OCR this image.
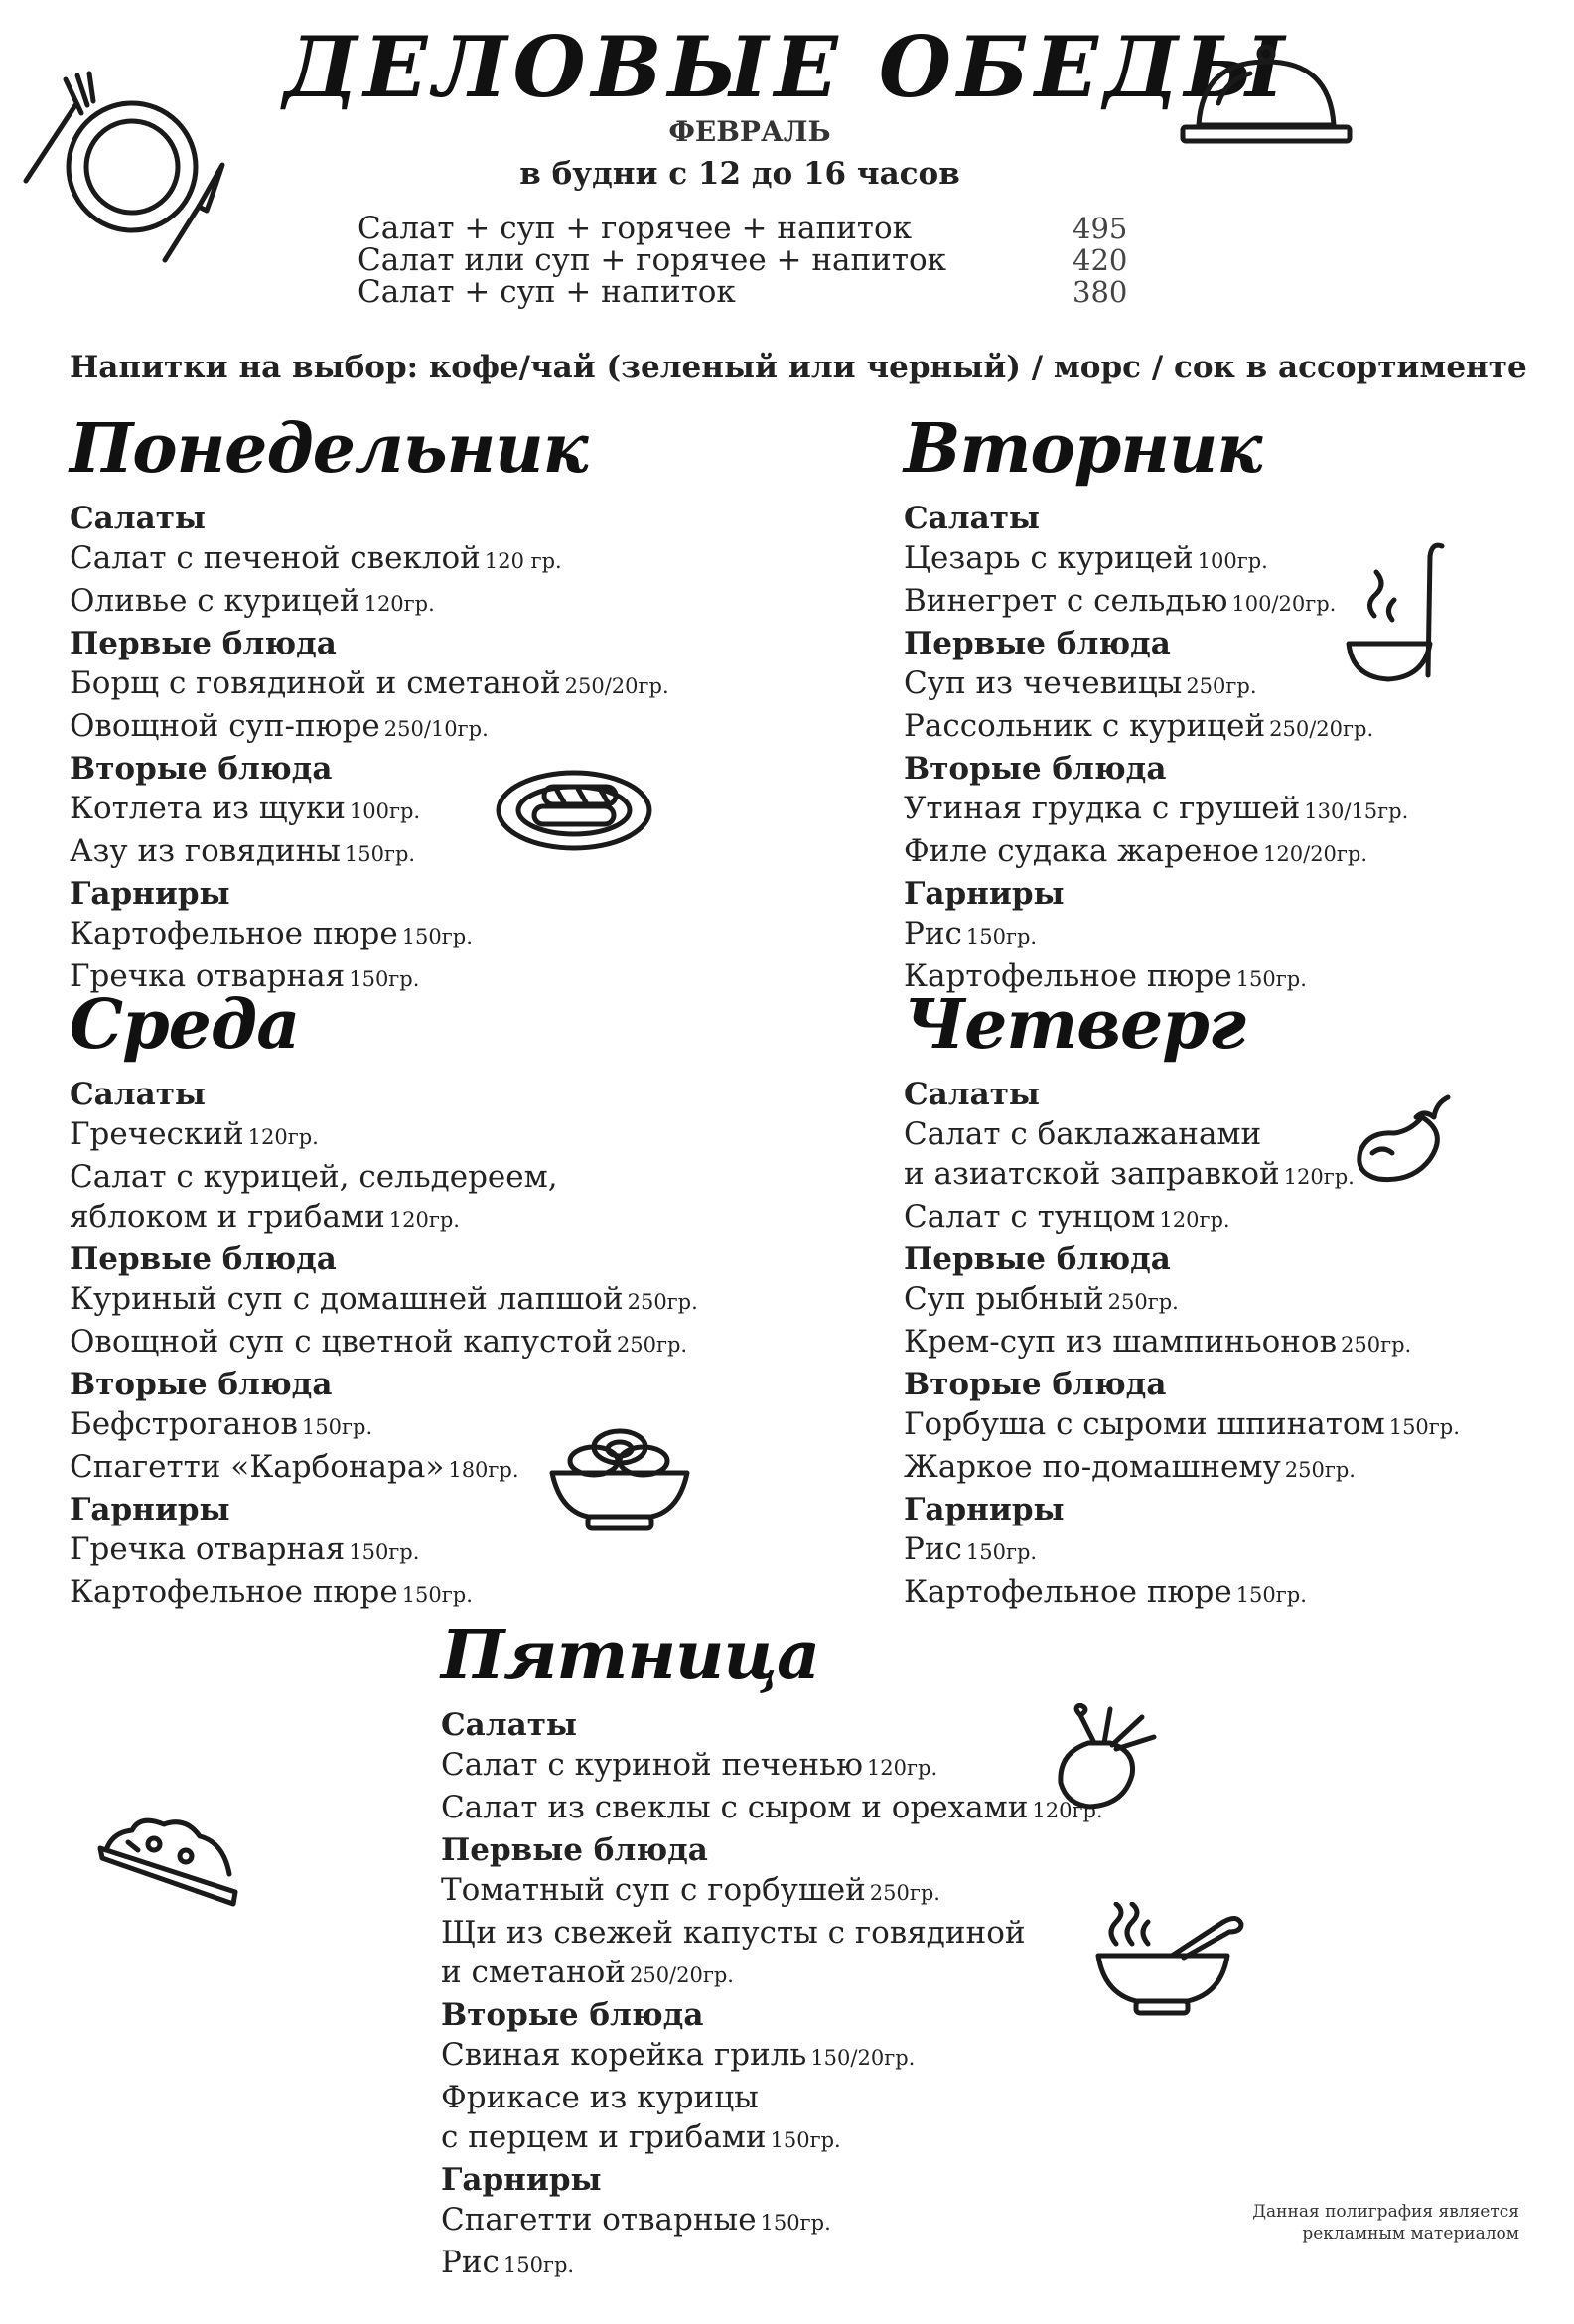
ДЕЛОВЫЕ ОБЕДЫ
ФЕВРАЛЬ
в будни с 12 до 16 часов
Салат + суп + горячее + напиток	495
Салат или суп + горячее + напиток	420
Салат + суп + напиток	380
Напитки на выбор: кофе/чай (зеленый или черный) / морс / сок в ассортименте
Понедельник
Салаты
Салат с печеной свеклой 120 гр.
Оливье с курицей 120гр.
Первые блюда
Борщ с говядиной и сметаной 250/20гр.
Овощной суп-пюре 250/10гр.
Вторые блюда
Котлета из щуки 100гр.
Азу из говядины 150гр.
Гарниры
Картофельное пюре 150гр.
Гречка отварная 150гр.
Вторник
Салаты
Цезарь с курицей 100гр.
Винегрет с сельдью 100/20гр.
Первые блюда
Суп из чечевицы 250гр.
Рассольник с курицей 250/20гр.
Вторые блюда
Утиная грудка с грушей 130/15гр.
Филе судака жареное 120/20гр.
Гарниры
Рис 150гр.
Картофельное пюре 150гр.
Среда
Салаты
Греческий 120гр.
Салат с курицей, сельдереем,
яблоком и грибами 120гр.
Первые блюда
Куриный суп с домашней лапшой 250гр.
Овощной суп с цветной капустой 250гр.
Вторые блюда
Бефстроганов 150гр.
Спагетти «Карбонара» 180гр.
Гарниры
Гречка отварная 150гр.
Картофельное пюре 150гр.
Четверг
Салаты
Салат с баклажанами
и азиатской заправкой 120гр.
Салат с тунцом 120гр.
Первые блюда
Суп рыбный 250гр.
Крем-суп из шампиньонов 250гр.
Вторые блюда
Горбуша с сыроми шпинатом 150гр.
Жаркое по-домашнему 250гр.
Гарниры
Рис 150гр.
Картофельное пюре 150гр.
Пятница
Салаты
Салат с куриной печенью 120гр.
Салат из свеклы с сыром и орехами 120гр.
Первые блюда
Томатный суп с горбушей 250гр.
Щи из свежей капусты с говядиной
и сметаной 250/20гр.
Вторые блюда
Свиная корейка гриль 150/20гр.
Фрикасе из курицы
с перцем и грибами 150гр.
Гарниры
Спагетти отварные 150гр.
Рис 150гр.
Данная полиграфия является
рекламным материалом
